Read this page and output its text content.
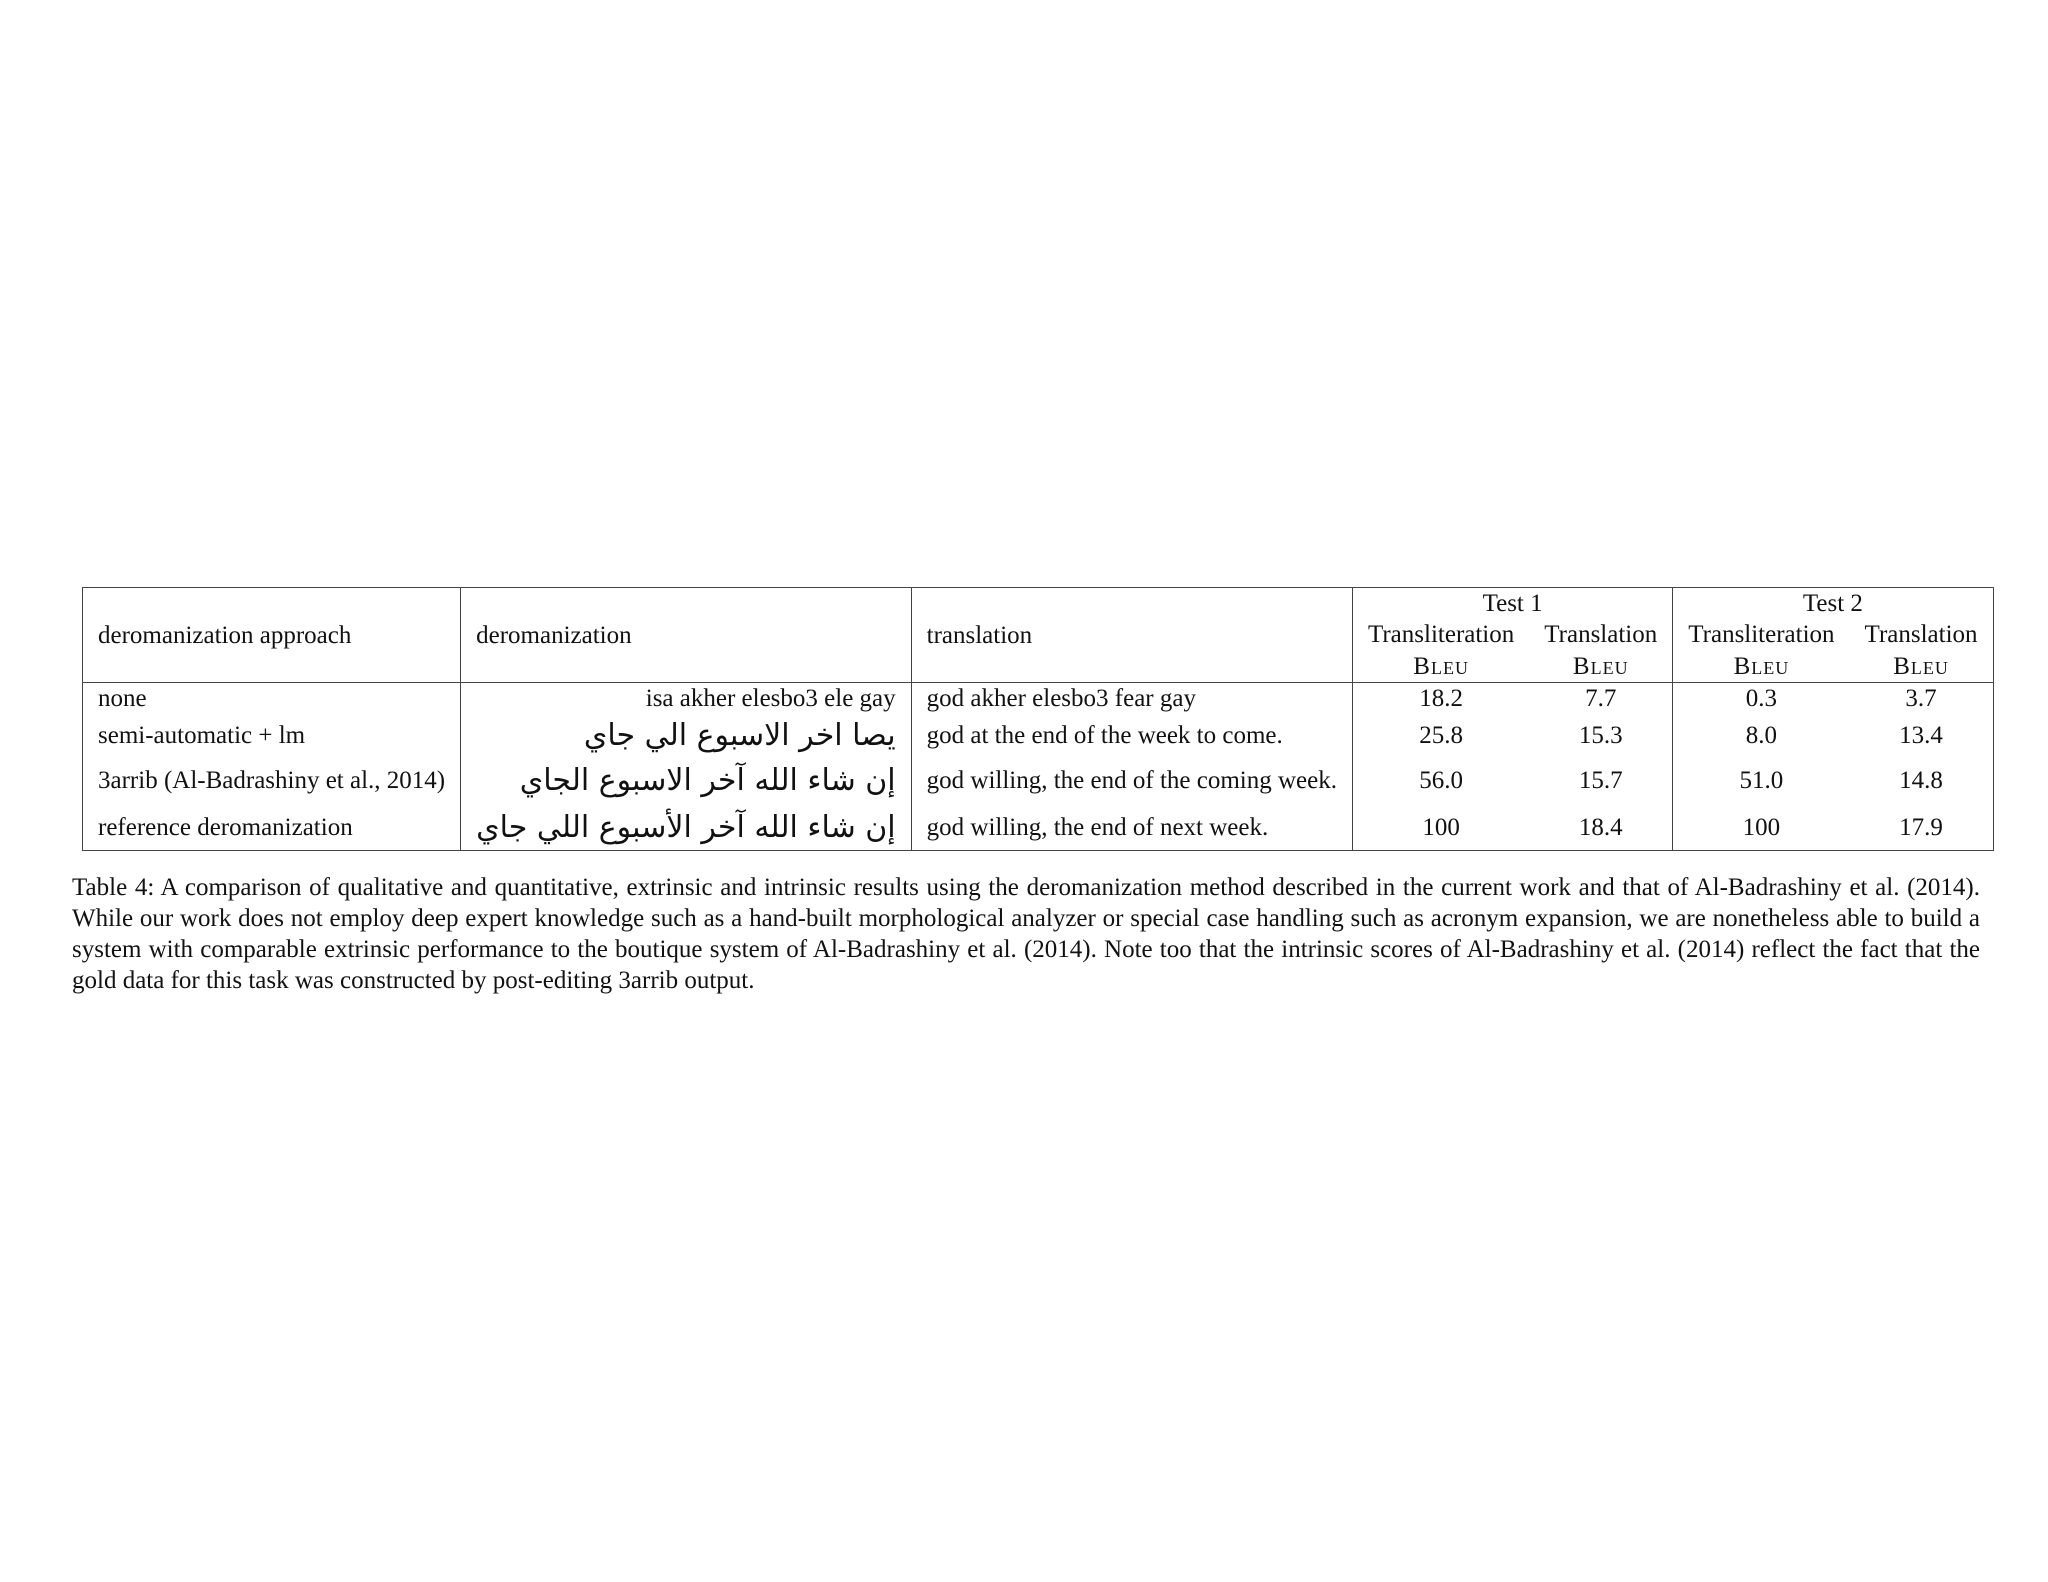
deromanization approach	deromanization	translation	Test 1		Test 2	
			Transliteration	Translation	Transliteration	Translation
			Bleu	Bleu	Bleu	Bleu
none	isa akher elesbo3 ele gay	god akher elesbo3 fear gay	18.2	7.7	0.3	3.7
semi-automatic + lm	يصا اخر الاسبوع الي جاي	god at the end of the week to come.	25.8	15.3	8.0	13.4
3arrib (Al-Badrashiny et al., 2014)	إن شاء الله آخر الاسبوع الجاي	god willing, the end of the coming week.	56.0	15.7	51.0	14.8
reference deromanization	إن شاء الله آخر الأسبوع اللي جاي	god willing, the end of next week.	100	18.4	100	17.9

Table 4: A comparison of qualitative and quantitative, extrinsic and intrinsic results using the deromanization method described in the current work and that of Al-Badrashiny et al. (2014). While our work does not employ deep expert knowledge such as a hand-built morphological analyzer or special case handling such as acronym expansion, we are nonetheless able to build a system with comparable extrinsic performance to the boutique system of Al-Badrashiny et al. (2014). Note too that the intrinsic scores of Al-Badrashiny et al. (2014) reflect the fact that the gold data for this task was constructed by post-editing 3arrib output.
